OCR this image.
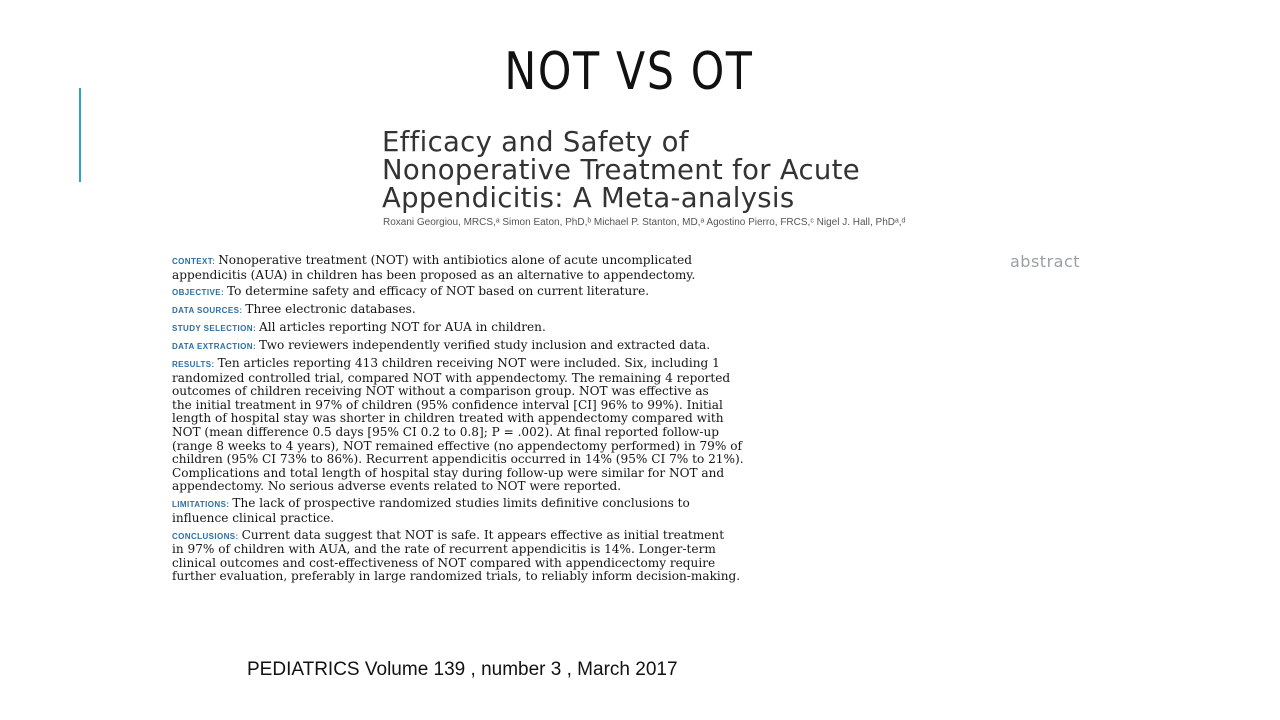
NOT VS OT
Efficacy and Safety of
Nonoperative Treatment for Acute
Appendicitis: A Meta-analysis
Roxani Georgiou, MRCS,ᵃ Simon Eaton, PhD,ᵇ Michael P. Stanton, MD,ᵃ Agostino Pierro, FRCS,ᶜ Nigel J. Hall, PhDᵃ,ᵈ
abstract
CONTEXT: Nonoperative treatment (NOT) with antibiotics alone of acute uncomplicated
appendicitis (AUA) in children has been proposed as an alternative to appendectomy.
OBJECTIVE: To determine safety and efficacy of NOT based on current literature.
DATA SOURCES: Three electronic databases.
STUDY SELECTION: All articles reporting NOT for AUA in children.
DATA EXTRACTION: Two reviewers independently verified study inclusion and extracted data.
RESULTS: Ten articles reporting 413 children receiving NOT were included. Six, including 1
randomized controlled trial, compared NOT with appendectomy. The remaining 4 reported
outcomes of children receiving NOT without a comparison group. NOT was effective as
the initial treatment in 97% of children (95% confidence interval [CI] 96% to 99%). Initial
length of hospital stay was shorter in children treated with appendectomy compared with
NOT (mean difference 0.5 days [95% CI 0.2 to 0.8]; P = .002). At final reported follow-up
(range 8 weeks to 4 years), NOT remained effective (no appendectomy performed) in 79% of
children (95% CI 73% to 86%). Recurrent appendicitis occurred in 14% (95% CI 7% to 21%).
Complications and total length of hospital stay during follow-up were similar for NOT and
appendectomy. No serious adverse events related to NOT were reported.
LIMITATIONS: The lack of prospective randomized studies limits definitive conclusions to
influence clinical practice.
CONCLUSIONS: Current data suggest that NOT is safe. It appears effective as initial treatment
in 97% of children with AUA, and the rate of recurrent appendicitis is 14%. Longer-term
clinical outcomes and cost-effectiveness of NOT compared with appendicectomy require
further evaluation, preferably in large randomized trials, to reliably inform decision-making.
PEDIATRICS Volume 139 , number 3 , March 2017
